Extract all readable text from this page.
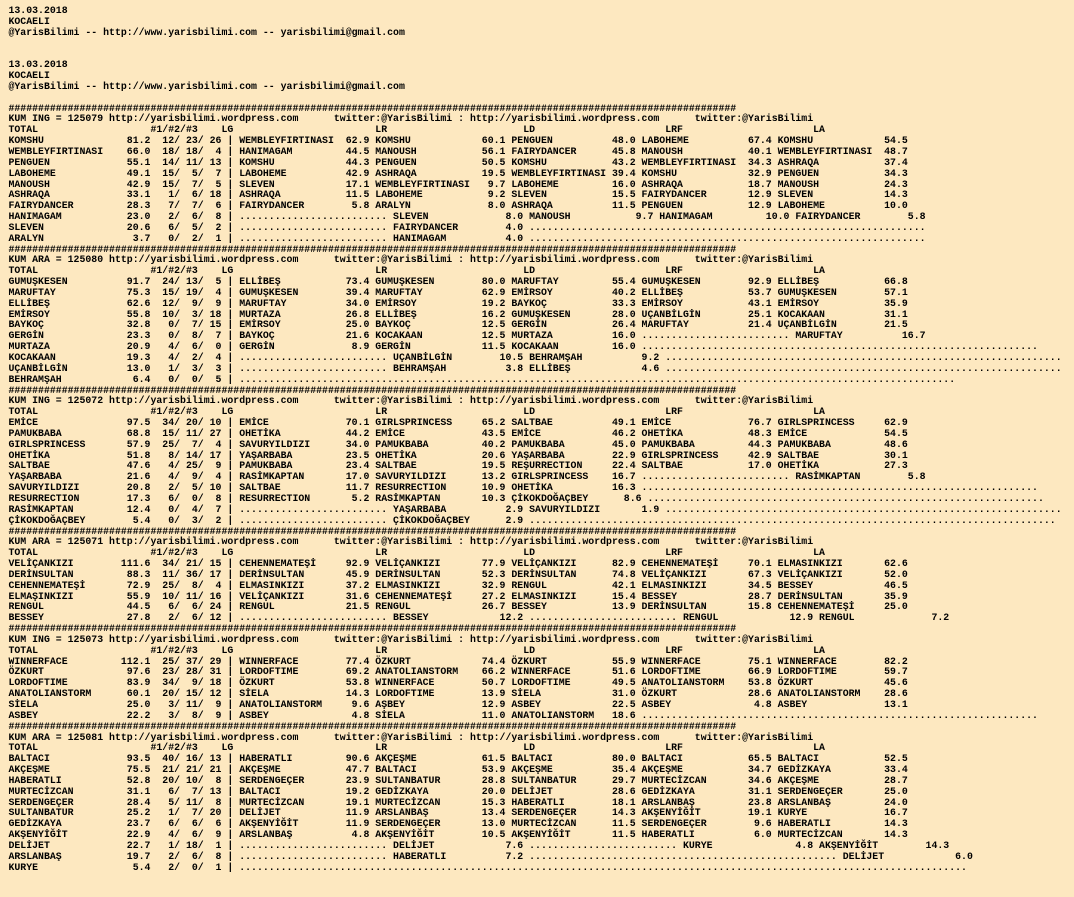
13.03.2018
KOCAELI
@YarisBilimi -- http://www.yarisbilimi.com -- yarisbilimi@gmail.com
13.03.2018
KOCAELI
@YarisBilimi -- http://www.yarisbilimi.com -- yarisbilimi@gmail.com
###########################################################################################################################
KUM ING = 125079 http://yarisbilimi.wordpress.com      twitter:@YarisBilimi : http://yarisbilimi.wordpress.com      twitter:@YarisBilimi
TOTAL                   #1/#2/#3    LG                        LR                       LD                      LRF                      LA
KOMSHU              81.2  12/ 23/ 26 | WEMBLEYFIRTINASI  62.9 KOMSHU            60.1 PENGUEN          48.0 LABOHEME          67.4 KOMSHU            54.5
WEMBLEYFIRTINASI    66.0  18/ 18/  4 | HANIMAGAM         44.5 MANOUSH           56.1 FAIRYDANCER      45.8 MANOUSH           40.1 WEMBLEYFIRTINASI  48.7
PENGUEN             55.1  14/ 11/ 13 | KOMSHU            44.3 PENGUEN           50.5 KOMSHU           43.2 WEMBLEYFIRTINASI  34.3 ASHRAQA           37.4
LABOHEME            49.1  15/  5/  7 | LABOHEME          42.9 ASHRAQA           19.5 WEMBLEYFIRTINASI 39.4 KOMSHU            32.9 PENGUEN           34.3
MANOUSH             42.9  15/  7/  5 | SLEVEN            17.1 WEMBLEYFIRTINASI   9.7 LABOHEME         16.0 ASHRAQA           18.7 MANOUSH           24.3
ASHRAQA             33.1   1/  6/ 18 | ASHRAQA           11.5 LABOHEME           9.2 SLEVEN           15.5 FAIRYDANCER       12.9 SLEVEN            14.3
FAIRYDANCER         28.3   7/  7/  6 | FAIRYDANCER        5.8 ARALYN             8.0 ASHRAQA          11.5 PENGUEN           12.9 LABOHEME          10.0
HANIMAGAM           23.0   2/  6/  8 | ......................... SLEVEN             8.0 MANOUSH           9.7 HANIMAGAM         10.0 FAIRYDANCER        5.8
SLEVEN              20.6   6/  5/  2 | ......................... FAIRYDANCER        4.0 ...................................................................
ARALYN               3.7   0/  2/  1 | ......................... HANIMAGAM          4.0 ...................................................................
###########################################################################################################################
KUM ARA = 125080 http://yarisbilimi.wordpress.com      twitter:@YarisBilimi : http://yarisbilimi.wordpress.com      twitter:@YarisBilimi
TOTAL                   #1/#2/#3    LG                        LR                       LD                      LRF                      LA
GUMUŞKESEN          91.7  24/ 13/  5 | ELLİBEŞ           73.4 GUMUŞKESEN        80.0 MARUFTAY         55.4 GUMUŞKESEN        92.9 ELLİBEŞ           66.8
MARUFTAY            75.3  15/ 19/  4 | GUMUŞKESEN        39.4 MARUFTAY          62.9 EMİRSOY          40.2 ELLİBEŞ           53.7 GUMUŞKESEN        57.1
ELLİBEŞ             62.6  12/  9/  9 | MARUFTAY          34.0 EMİRSOY           19.2 BAYKOÇ           33.3 EMİRSOY           43.1 EMİRSOY           35.9
EMİRSOY             55.8  10/  3/ 18 | MURTAZA           26.8 ELLİBEŞ           16.2 GUMUŞKESEN       28.0 UÇANBİLGİN        25.1 KOCAKAAN          31.1
BAYKOÇ              32.8   0/  7/ 15 | EMİRSOY           25.0 BAYKOÇ            12.5 GERGİN           26.4 MARUFTAY          21.4 UÇANBİLGİN        21.5
GERGİN              23.3   0/  8/  7 | BAYKOÇ            21.6 KOCAKAAN          12.5 MURTAZA          16.0 ......................... MARUFTAY          16.7
MURTAZA             20.9   4/  6/  0 | GERGİN             8.9 GERGİN            11.5 KOCAKAAN         16.0 ...................................................................
KOCAKAAN            19.3   4/  2/  4 | ......................... UÇANBİLGİN        10.5 BEHRAMŞAH          9.2 ...................................................................
UÇANBİLGİN          13.0   1/  3/  3 | ......................... BEHRAMŞAH          3.8 ELLİBEŞ            4.6 ...................................................................
BEHRAMŞAH            6.4   0/  0/  5 | .........................................................................................................................
###########################################################################################################################
KUM ING = 125072 http://yarisbilimi.wordpress.com      twitter:@YarisBilimi : http://yarisbilimi.wordpress.com      twitter:@YarisBilimi
TOTAL                   #1/#2/#3    LG                        LR                       LD                      LRF                      LA
EMİCE               97.5  34/ 20/ 10 | EMİCE             70.1 GIRLSPRINCESS     65.2 SALTBAE          49.1 EMİCE             76.7 GIRLSPRINCESS     62.9
PAMUKBABA           68.8  15/ 11/ 27 | OHETİKA           44.2 EMİCE             43.5 EMİCE            46.2 OHETİKA           48.3 EMİCE             54.5
GIRLSPRINCESS       57.9  25/  7/  4 | SAVURYILDIZI      34.0 PAMUKBABA         40.2 PAMUKBABA        45.0 PAMUKBABA         44.3 PAMUKBABA         48.6
OHETİKA             51.8   8/ 14/ 17 | YAŞARBABA         23.5 OHETİKA           20.6 YAŞARBABA        22.9 GIRLSPRINCESS     42.9 SALTBAE           30.1
SALTBAE             47.6   4/ 25/  9 | PAMUKBABA         23.4 SALTBAE           19.5 REŞURRECTION     22.4 SALTBAE           17.0 OHETİKA           27.3
YAŞARBABA           21.6   4/  9/  4 | RASİMKAPTAN       17.0 SAVURYILDIZI      13.2 GIRLSPRINCESS    16.7 ......................... RASİMKAPTAN        5.8
SAVURYILDIZI        20.8   2/  5/ 10 | SALTBAE           11.7 RESURRECTION      10.9 OHETİKA          16.3 ...................................................................
RESURRECTION        17.3   6/  0/  8 | RESURRECTION       5.2 RASİMKAPTAN       10.3 ÇİKOKDOĞAÇBEY      8.6 ...................................................................
RASİMKAPTAN         12.4   0/  4/  7 | ......................... YAŞARBABA          2.9 SAVURYILDIZI       1.9 ...................................................................
ÇİKOKDOĞAÇBEY        5.4   0/  3/  2 | ......................... ÇİKOKDOĞAÇBEY      2.9 .........................................................................................
###########################################################################################################################
KUM ARA = 125071 http://yarisbilimi.wordpress.com      twitter:@YarisBilimi : http://yarisbilimi.wordpress.com      twitter:@YarisBilimi
TOTAL                   #1/#2/#3    LG                        LR                       LD                      LRF                      LA
VELİÇANKIZI        111.6  34/ 21/ 15 | CEHENNEMATEŞİ     92.9 VELİÇANKIZI       77.9 VELİÇANKIZI      82.9 CEHENNEMATEŞİ     70.1 ELMASINKIZI       62.6
DERİNSULTAN         88.3  11/ 36/ 17 | DERİNSULTAN       45.9 DERİNSULTAN       52.3 DERİNSULTAN      74.8 VELİÇANKIZI       67.3 VELİÇANKIZI       52.0
CEHENNEMATEŞİ       72.9  25/  8/  4 | ELMASINKIZI       37.2 ELMASINKIZI       32.9 RENGUL           42.1 ELMASINKIZI       34.5 BESSEY            46.5
ELMAŞINKIZI         55.9  10/ 11/ 16 | VELİÇANKIZI       31.6 CEHENNEMATEŞİ     27.2 ELMASINKIZI      15.4 BESSEY            28.7 DERİNSULTAN       35.9
RENGUL              44.5   6/  6/ 24 | RENGUL            21.5 RENGUL            26.7 BESSEY           13.9 DERİNSULTAN       15.8 CEHENNEMATEŞİ     25.0
BESSEY              27.8   2/  6/ 12 | ......................... BESSEY            12.2 ......................... RENGUL            12.9 RENGUL             7.2
###########################################################################################################################
KUM ING = 125073 http://yarisbilimi.wordpress.com      twitter:@YarisBilimi : http://yarisbilimi.wordpress.com      twitter:@YarisBilimi
TOTAL                   #1/#2/#3    LG                        LR                       LD                      LRF                      LA
WINNERFACE         112.1  25/ 37/ 29 | WINNERFACE        77.4 ÖZKURT            74.4 ÖZKURT           55.9 WINNERFACE        75.1 WINNERFACE        82.2
ÖZKURT              97.6  23/ 28/ 31 | LORDOFTIME        69.2 ANATOLIANSTORM    66.2 WINNERFACE       51.6 LORDOFTIME        66.9 LORDOFTIME        59.7
LORDOFTIME          83.9  34/  9/ 18 | ÖZKURT            53.8 WINNERFACE        50.7 LORDOFTIME       49.5 ANATOLIANSTORM    53.8 ÖZKURT            45.6
ANATOLIANSTORM      60.1  20/ 15/ 12 | SİELA             14.3 LORDOFTIME        13.9 SİELA            31.0 ÖZKURT            28.6 ANATOLIANSTORM    28.6
SİELA               25.0   3/ 11/  9 | ANATOLIANSTORM     9.6 AŞBEY             12.9 ASBEY            22.5 ASBEY              4.8 ASBEY             13.1
ASBEY               22.2   3/  8/  9 | ASBEY              4.8 SİELA             11.0 ANATOLIANSTORM   18.6 ...................................................................
###########################################################################################################################
KUM ARA = 125081 http://yarisbilimi.wordpress.com      twitter:@YarisBilimi : http://yarisbilimi.wordpress.com      twitter:@YarisBilimi
TOTAL                   #1/#2/#3    LG                        LR                       LD                      LRF                      LA
BALTACI             93.5  40/ 16/ 13 | HABERATLI         90.6 AKÇEŞME           61.5 BALTACI          80.0 BALTACI           65.5 BALTACI           52.5
AKÇEŞME             75.5  21/ 21/ 21 | AKÇEŞME           47.7 BALTACI           53.9 AKÇEŞME          35.4 AKÇEŞME           34.7 GEDİZKAYA         33.4
HABERATLI           52.8  20/ 10/  8 | SERDENGEÇER       23.9 SULTANBATUR       28.8 SULTANBATUR      29.7 MURTECİZCAN       34.6 AKÇEŞME           28.7
MURTECİZCAN         31.1   6/  7/ 13 | BALTACI           19.2 GEDİZKAYA         20.0 DELİJET          28.6 GEDİZKAYA         31.1 SERDENGEÇER       25.0
SERDENGEÇER         28.4   5/ 11/  8 | MURTECİZCAN       19.1 MURTECİZCAN       15.3 HABERATLI        18.1 ARSLANBAŞ         23.8 ARSLANBAŞ         24.0
SULTANBATUR         25.2   1/  7/ 20 | DELİJET           11.9 ARSLANBAŞ         13.4 SERDENGEÇER      14.3 AKŞENYİĞİT        19.1 KURYE             16.7
GEDİZKAYA           23.7   6/  6/  6 | AKŞENYİĞİT        11.9 SERDENGEÇER       13.0 MURTECİZCAN      11.5 SERDENGEÇER        9.6 HABERATLI         14.3
AKŞENYİĞİT          22.9   4/  6/  9 | ARSLANBAŞ          4.8 AKŞENYİĞİT        10.5 AKŞENYİĞİT       11.5 HABERATLI          6.0 MURTECİZCAN       14.3
DELİJET             22.7   1/ 18/  1 | ......................... DELİJET            7.6 ......................... KURYE              4.8 AKŞENYİĞİT        14.3
ARSLANBAŞ           19.7   2/  6/  8 | ......................... HABERATLI          7.2 .................................................... DELİJET            6.0
KURYE                5.4   2/  0/  1 | ...........................................................................................................................
